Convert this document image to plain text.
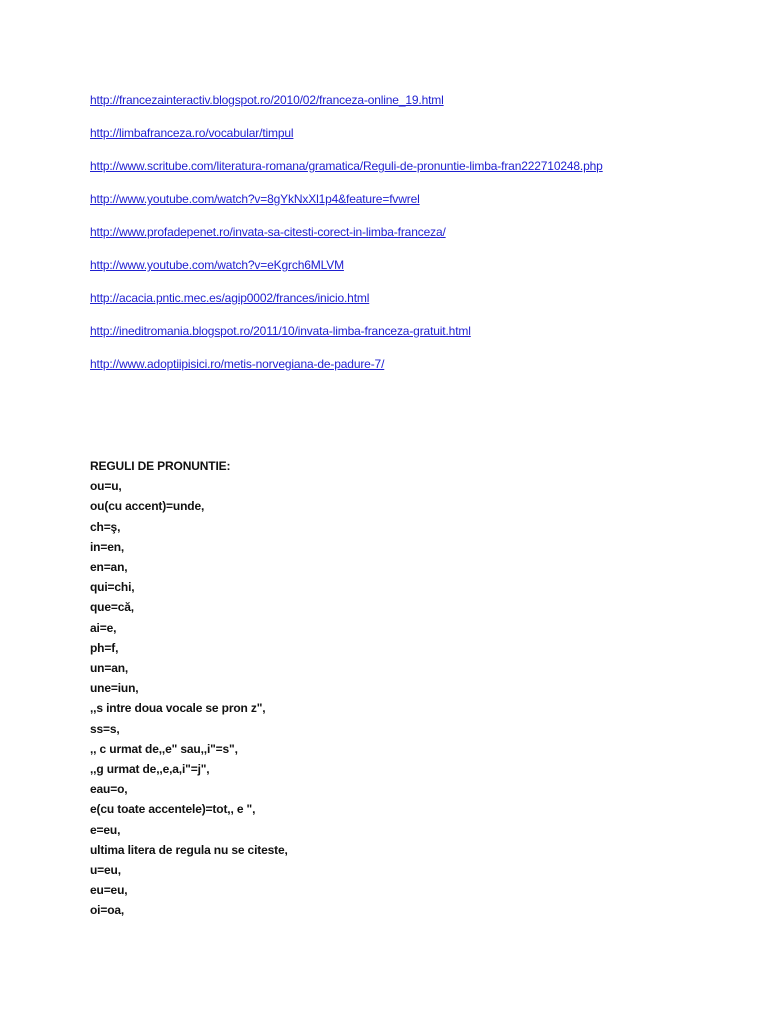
http://francezainteractiv.blogspot.ro/2010/02/franceza-online_19.html
http://limbafranceza.ro/vocabular/timpul
http://www.scritube.com/literatura-romana/gramatica/Reguli-de-pronuntie-limba-fran222710248.php
http://www.youtube.com/watch?v=8gYkNxXl1p4&feature=fvwrel
http://www.profadepenet.ro/invata-sa-citesti-corect-in-limba-franceza/
http://www.youtube.com/watch?v=eKgrch6MLVM
http://acacia.pntic.mec.es/agip0002/frances/inicio.html
http://ineditromania.blogspot.ro/2011/10/invata-limba-franceza-gratuit.html
http://www.adoptiipisici.ro/metis-norvegiana-de-padure-7/
REGULI DE PRONUNTIE:
ou=u,
ou(cu accent)=unde,
ch=ş,
in=en,
en=an,
qui=chi,
que=că,
ai=e,
ph=f,
un=an,
une=iun,
,,s intre doua vocale se pron z",
ss=s,
,, c urmat de,,e" sau,,i"=s",
,,g urmat de,,e,a,i"=j",
eau=o,
e(cu toate accentele)=tot,, e ",
e=eu,
ultima litera de regula nu se citeste,
u=eu,
eu=eu,
oi=oa,
